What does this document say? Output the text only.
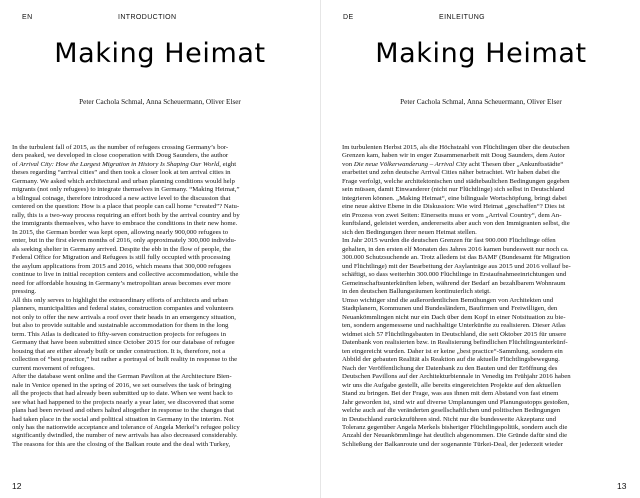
EN	INTRODUCTION
Making Heimat
Peter Cachola Schmal, Anna Scheuermann, Oliver Elser

In the turbulent fall of 2015, as the number of refugees crossing Germany’s bor-

ders peaked, we developed in close cooperation with Doug Saunders, the author

of Arrival City: How the Largest Migration in History Is Shaping Our World, eight

theses regarding “arrival cities” and then took a closer look at ten arrival cities in

Germany. We asked which architectural and urban planning conditions would help

migrants (not only refugees) to integrate themselves in Germany. “Making Heimat,”

a bilingual coinage, therefore introduced a new active level to the discussion that

centered on the question: How is a place that people can call home “created”? Natu-

rally, this is a two-way process requiring an effort both by the arrival country and by

the immigrants themselves, who have to embrace the conditions in their new home.

In 2015, the German border was kept open, allowing nearly 900,000 refugees to

enter, but in the first eleven months of 2016, only approximately 300,000 individu-

als seeking shelter in Germany arrived. Despite the ebb in the flow of people, the

Federal Office for Migration and Refugees is still fully occupied with processing

the asylum applications from 2015 and 2016, which means that 300,000 refugees

continue to live in initial reception centers and collective accommodation, while the

need for affordable housing in Germany’s metropolitan areas becomes ever more

pressing.

All this only serves to highlight the extraordinary efforts of architects and urban

planners, municipalities and federal states, construction companies and volunteers

not only to offer the new arrivals a roof over their heads in an emergency situation,

but also to provide suitable and sustainable accommodation for them in the long

term. This Atlas is dedicated to fifty-seven construction projects for refugees in

Germany that have been submitted since October 2015 for our database of refugee

housing that are either already built or under construction. It is, therefore, not a

collection of “best practice,” but rather a portrayal of built reality in response to the

current movement of refugees.

After the database went online and the German Pavilion at the Architecture Bien-

nale in Venice opened in the spring of 2016, we set ourselves the task of bringing

all the projects that had already been submitted up to date. When we went back to

see what had happened to the projects nearly a year later, we discovered that some

plans had been revised and others halted altogether in response to the changes that

had taken place in the social and political situation in Germany in the interim. Not

only has the nationwide acceptance and tolerance of Angela Merkel’s refugee policy

significantly dwindled, the number of new arrivals has also decreased considerably.

The reasons for this are the closing of the Balkan route and the deal with Turkey,

12
DE	EINLEITUNG
Making Heimat
Peter Cachola Schmal, Anna Scheuermann, Oliver Elser

Im turbulenten Herbst 2015, als die Höchstzahl von Flüchtlingen über die deutschen

Grenzen kam, haben wir in enger Zusammenarbeit mit Doug Saunders, dem Autor

von Die neue Völkerwanderung – Arrival City acht Thesen über „Ankunftsstädte“

erarbeitet und zehn deutsche Arrival Cities näher betrachtet. Wir haben dabei die

Frage verfolgt, welche architektonischen und städtebaulichen Bedingungen gegeben

sein müssen, damit Einwanderer (nicht nur Flüchtlinge) sich selbst in Deutschland

integrieren können. „Making Heimat“, eine bilinguale Wortschöpfung, bringt dabei

eine neue aktive Ebene in die Diskussion: Wie wird Heimat „geschaffen“? Dies ist

ein Prozess von zwei Seiten: Einerseits muss er vom „Arrival Country“, dem An-

kunftsland, geleistet werden, andererseits aber auch von den Immigranten selbst, die

sich den Bedingungen ihrer neuen Heimat stellen.

Im Jahr 2015 wurden die deutschen Grenzen für fast 900.000 Flüchtlinge offen

gehalten, in den ersten elf Monaten des Jahres 2016 kamen bundesweit nur noch ca.

300.000 Schutzsuchende an. Trotz alledem ist das BAMF (Bundesamt für Migration

und Flüchtlinge) mit der Bearbeitung der Asylanträge aus 2015 und 2016 vollauf be-

schäftigt, so dass weiterhin 300.000 Flüchtlinge in Erstaufnahmeeinrichtungen und

Gemeinschaftsunterkünften leben, während der Bedarf an bezahlbarem Wohnraum

in den deutschen Ballungsräumen kontinuierlich steigt.

Umso wichtiger sind die außerordentlichen Bemühungen von Architekten und

Stadtplanern, Kommunen und Bundesländern, Baufirmen und Freiwilligen, den

Neuankömmlingen nicht nur ein Dach über dem Kopf in einer Notsituation zu bie-

ten, sondern angemessene und nachhaltige Unterkünfte zu realisieren. Dieser Atlas

widmet sich 57 Flüchtlingsbauten in Deutschland, die seit Oktober 2015 für unsere

Datenbank von realisierten bzw. in Realisierung befindlichen Flüchtlingsunterkünf-

ten eingereicht wurden. Daher ist er keine „best practice“-Sammlung, sondern ein

Abbild der gebauten Realität als Reaktion auf die aktuelle Flüchtlingsbewegung.

Nach der Veröffentlichung der Datenbank zu den Bauten und der Eröffnung des

Deutschen Pavillons auf der Architekturbiennale in Venedig im Frühjahr 2016 haben

wir uns die Aufgabe gestellt, alle bereits eingereichten Projekte auf den aktuellen

Stand zu bringen. Bei der Frage, was aus ihnen mit dem Abstand von fast einem

Jahr geworden ist, sind wir auf diverse Umplanungen und Planungsstopps gestoßen,

welche auch auf die veränderten gesellschaftlichen und politischen Bedingungen

in Deutschland zurückzuführen sind. Nicht nur die bundesweite Akzeptanz und

Toleranz gegenüber Angela Merkels bisheriger Flüchtlingspolitik, sondern auch die

Anzahl der Neuankömmlinge hat deutlich abgenommen. Die Gründe dafür sind die

Schließung der Balkanroute und der sogenannte Türkei-Deal, der jederzeit wieder

13
